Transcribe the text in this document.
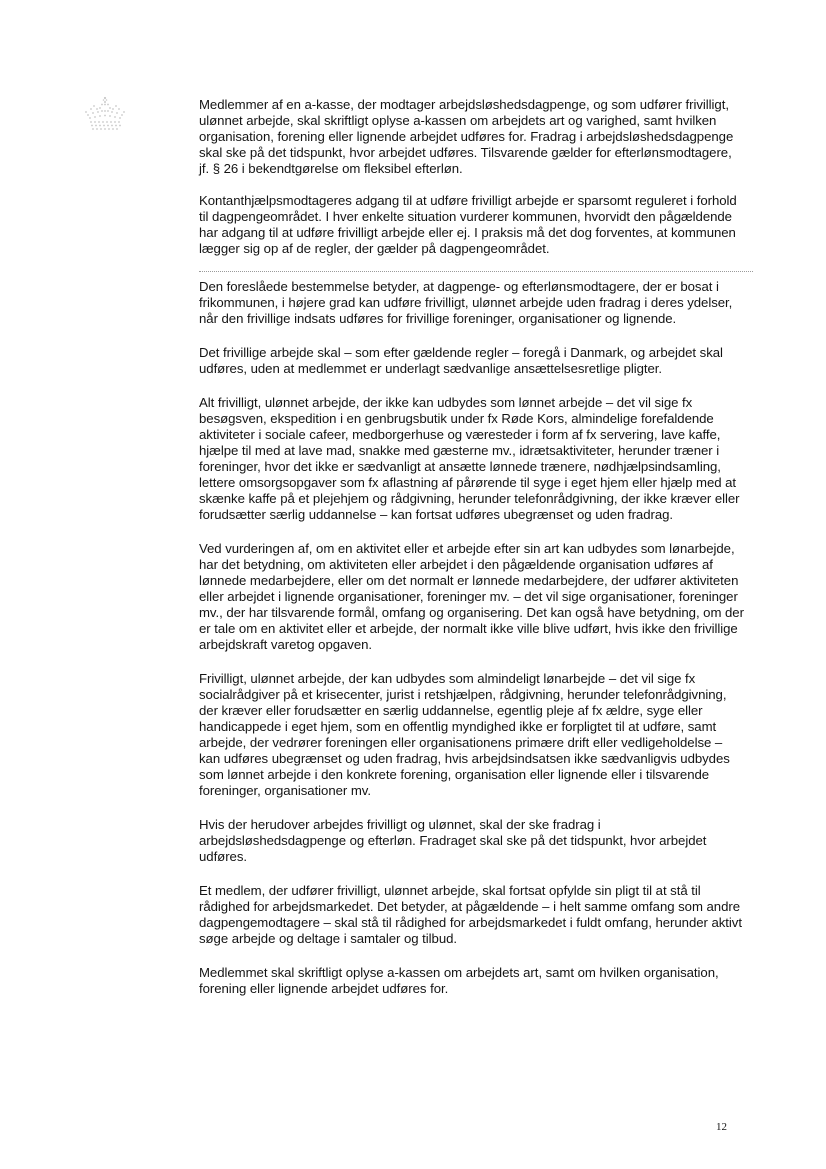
Medlemmer af en a-kasse, der modtager arbejdsløshedsdagpenge, og som udfører frivilligt, ulønnet arbejde, skal skriftligt oplyse a-kassen om arbejdets art og varighed, samt hvilken organisation, forening eller lignende arbejdet udføres for. Fradrag i arbejdsløshedsdagpenge skal ske på det tidspunkt, hvor arbejdet udføres. Tilsvarende gælder for efterlønsmodtagere, jf. § 26 i bekendtgørelse om fleksibel efterløn.

Kontanthjælpsmodtageres adgang til at udføre frivilligt arbejde er sparsomt reguleret i forhold til dagpengeområdet. I hver enkelte situation vurderer kommunen, hvorvidt den pågældende har adgang til at udføre frivilligt arbejde eller ej. I praksis må det dog forventes, at kommunen lægger sig op af de regler, der gælder på dagpengeområdet.

Den foreslåede bestemmelse betyder, at dagpenge- og efterlønsmodtagere, der er bosat i frikommunen, i højere grad kan udføre frivilligt, ulønnet arbejde uden fradrag i deres ydelser, når den frivillige indsats udføres for frivillige foreninger, organisationer og lignende.

Det frivillige arbejde skal – som efter gældende regler – foregå i Danmark, og arbejdet skal udføres, uden at medlemmet er underlagt sædvanlige ansættelsesretlige pligter.

Alt frivilligt, ulønnet arbejde, der ikke kan udbydes som lønnet arbejde – det vil sige fx besøgsven, ekspedition i en genbrugsbutik under fx Røde Kors, almindelige forefaldende aktiviteter i sociale cafeer, medborgerhuse og væresteder i form af fx servering, lave kaffe, hjælpe til med at lave mad, snakke med gæsterne mv., idrætsaktiviteter, herunder træner i foreninger, hvor det ikke er sædvanligt at ansætte lønnede trænere, nødhjælpsindsamling, lettere omsorgsopgaver som fx aflastning af pårørende til syge i eget hjem eller hjælp med at skænke kaffe på et plejehjem og rådgivning, herunder telefonrådgivning, der ikke kræver eller forudsætter særlig uddannelse – kan fortsat udføres ubegrænset og uden fradrag.

Ved vurderingen af, om en aktivitet eller et arbejde efter sin art kan udbydes som lønarbejde, har det betydning, om aktiviteten eller arbejdet i den pågældende organisation udføres af lønnede medarbejdere, eller om det normalt er lønnede medarbejdere, der udfører aktiviteten eller arbejdet i lignende organisationer, foreninger mv. – det vil sige organisationer, foreninger mv., der har tilsvarende formål, omfang og organisering. Det kan også have betydning, om der er tale om en aktivitet eller et arbejde, der normalt ikke ville blive udført, hvis ikke den frivillige arbejdskraft varetog opgaven.

Frivilligt, ulønnet arbejde, der kan udbydes som almindeligt lønarbejde – det vil sige fx socialrådgiver på et krisecenter, jurist i retshjælpen, rådgivning, herunder telefonrådgivning, der kræver eller forudsætter en særlig uddannelse, egentlig pleje af fx ældre, syge eller handicappede i eget hjem, som en offentlig myndighed ikke er forpligtet til at udføre, samt arbejde, der vedrører foreningen eller organisationens primære drift eller vedligeholdelse – kan udføres ubegrænset og uden fradrag, hvis arbejdsindsatsen ikke sædvanligvis udbydes som lønnet arbejde i den konkrete forening, organisation eller lignende eller i tilsvarende foreninger, organisationer mv.

Hvis der herudover arbejdes frivilligt og ulønnet, skal der ske fradrag i arbejdsløshedsdagpenge og efterløn. Fradraget skal ske på det tidspunkt, hvor arbejdet udføres.

Et medlem, der udfører frivilligt, ulønnet arbejde, skal fortsat opfylde sin pligt til at stå til rådighed for arbejdsmarkedet. Det betyder, at pågældende – i helt samme omfang som andre dagpengemodtagere – skal stå til rådighed for arbejdsmarkedet i fuldt omfang, herunder aktivt søge arbejde og deltage i samtaler og tilbud.

Medlemmet skal skriftligt oplyse a-kassen om arbejdets art, samt om hvilken organisation, forening eller lignende arbejdet udføres for.

12
